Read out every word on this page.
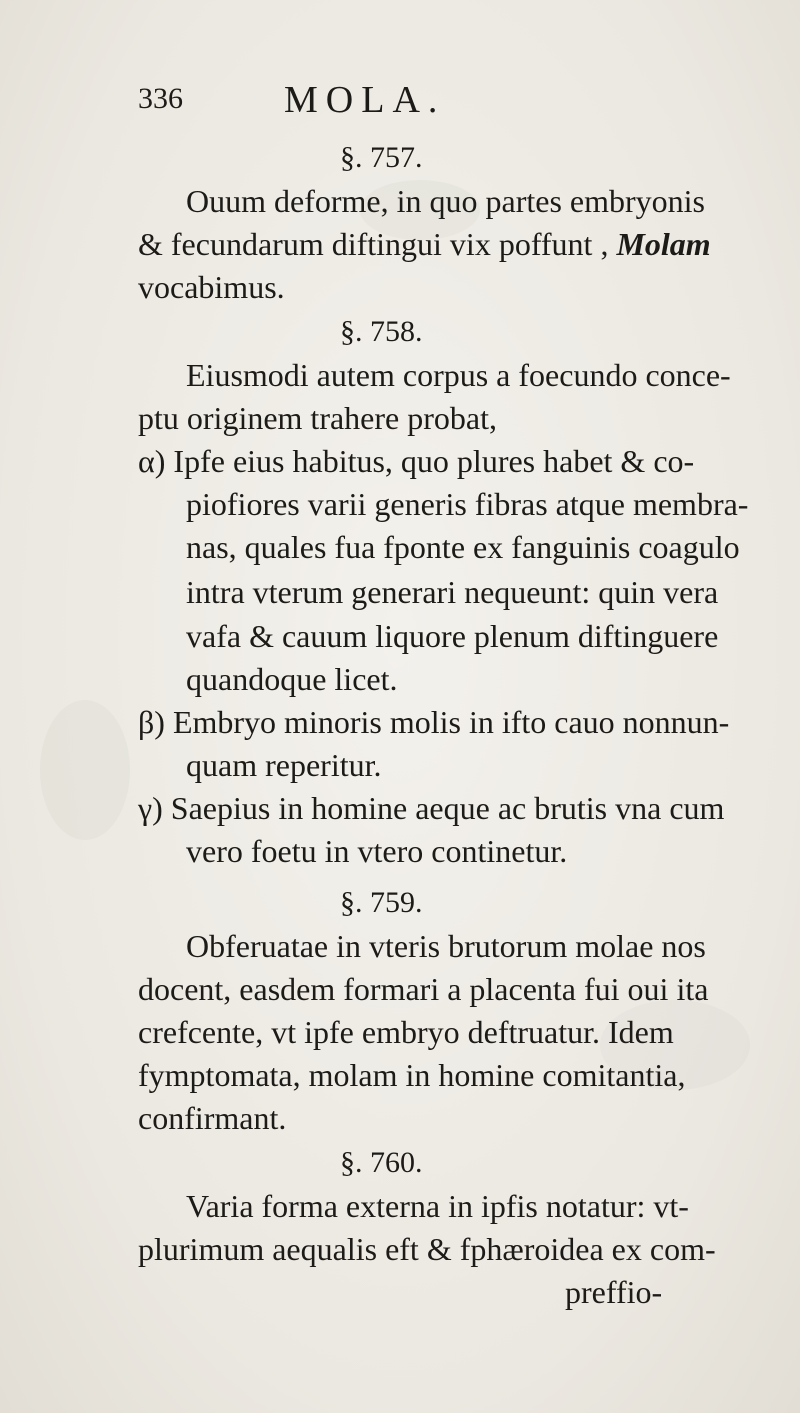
336	MOLA.
§. 757.
Ouum deforme, in quo partes embryonis
& fecundarum diftingui vix poffunt , Molam
vocabimus.
§. 758.
Eiusmodi autem corpus a foecundo conce-
ptu originem trahere probat,
α) Ipfe eius habitus, quo plures habet & co-
piofiores varii generis fibras atque membra-
nas, quales fua fponte ex fanguinis coagulo
intra vterum generari nequeunt: quin vera
vafa & cauum liquore plenum diftinguere
quandoque licet.
β) Embryo minoris molis in ifto cauo nonnun-
quam reperitur.
γ) Saepius in homine aeque ac brutis vna cum
vero foetu in vtero continetur.
§. 759.
Obferuatae in vteris brutorum molae nos
docent, easdem formari a placenta fui oui ita
crefcente, vt ipfe embryo deftruatur. Idem
fymptomata, molam in homine comitantia,
confirmant.
§. 760.
Varia forma externa in ipfis notatur: vt-
plurimum aequalis eft & fphæroidea ex com-
preffio-
